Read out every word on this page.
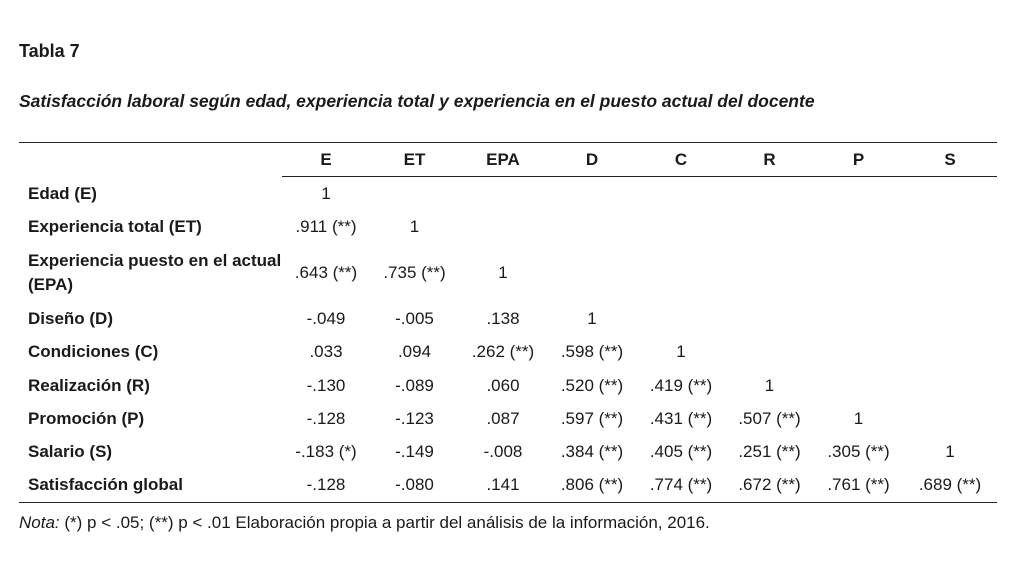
Tabla 7

Satisfacción laboral según edad, experiencia total y experiencia en el puesto actual del docente

	E	ET	EPA	D	C	R	P	S
Edad (E)	1							
Experiencia total (ET)	.911 (**)	1						
Experiencia puesto en el actual (EPA)	.643 (**)	.735 (**)	1					
Diseño (D)	-.049	-.005	.138	1				
Condiciones (C)	.033	.094	.262 (**)	.598 (**)	1			
Realización (R)	-.130	-.089	.060	.520 (**)	.419 (**)	1		
Promoción (P)	-.128	-.123	.087	.597 (**)	.431 (**)	.507 (**)	1	
Salario (S)	-.183 (*)	-.149	-.008	.384 (**)	.405 (**)	.251 (**)	.305 (**)	1
Satisfacción global	-.128	-.080	.141	.806 (**)	.774 (**)	.672 (**)	.761 (**)	.689 (**)

Nota: (*) p < .05; (**) p < .01 Elaboración propia a partir del análisis de la información, 2016.
